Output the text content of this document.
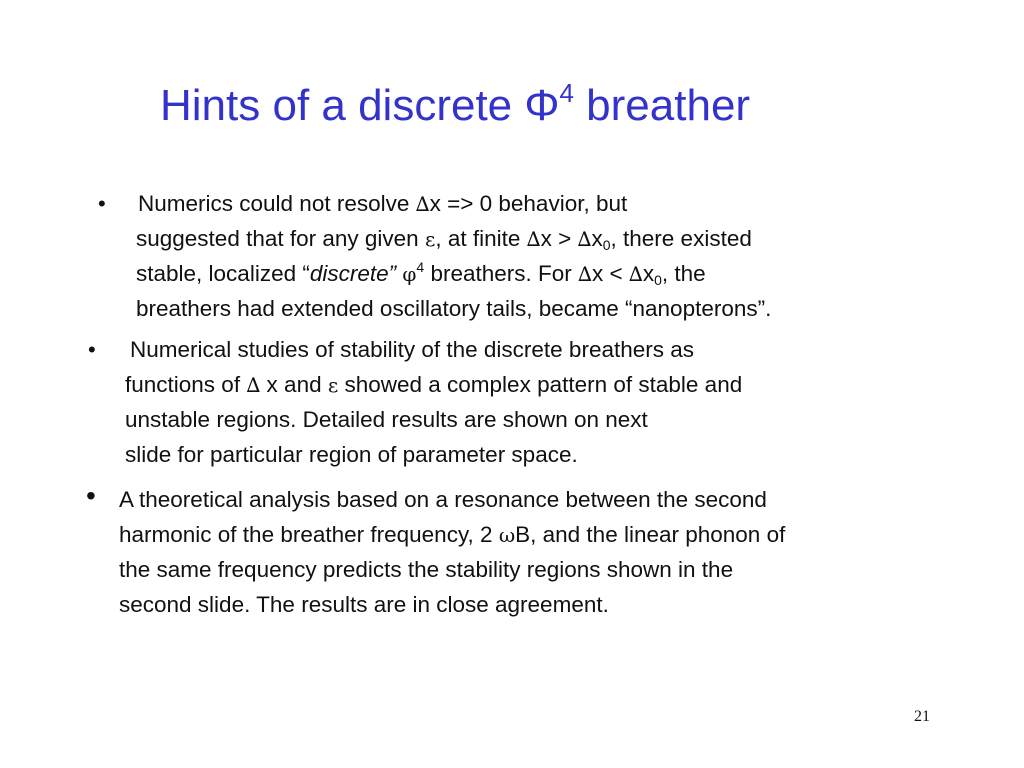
Hints of a discrete $\Phi^4$ breather
• Numerics could not resolve ∆x => 0 behavior, but
suggested that for any given ε, at finite $\Delta x > \Delta x_0$, there existed
stable, localized “discrete” $\varphi^4$ breathers. For $\Delta x < \Delta x_0$, the
breathers had extended oscillatory tails, became “nanopterons”.
• Numerical studies of stability of the discrete breathers as
functions of ∆ x and ε showed a complex pattern of stable and
unstable regions. Detailed results are shown on next
slide for particular region of parameter space.
• A theoretical analysis based on a resonance between the second
harmonic of the breather frequency, 2 ωB, and the linear phonon of
the same frequency predicts the stability regions shown in the
second slide. The results are in close agreement.
21
